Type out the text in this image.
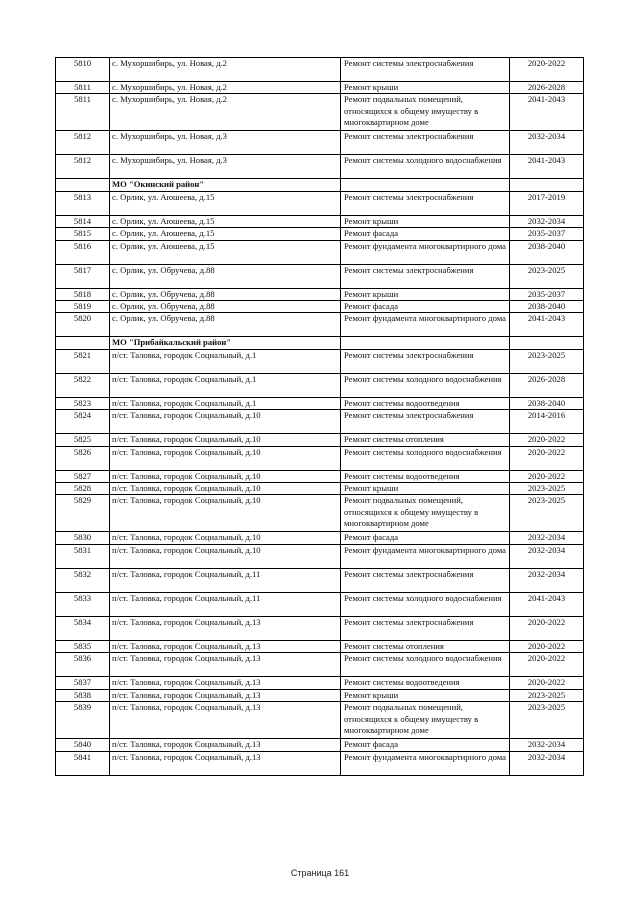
5810	с. Мухоршибирь, ул. Новая, д.2	Ремонт системы электроснабжения	2020-2022
5811	с. Мухоршибирь, ул. Новая, д.2	Ремонт крыши	2026-2028
5811	с. Мухоршибирь, ул. Новая, д.2	Ремонт подвальных помещений, относящихся к общему имуществу в многоквартирном доме	2041-2043
5812	с. Мухоршибирь, ул. Новая, д.3	Ремонт системы электроснабжения	2032-2034
5812	с. Мухоршибирь, ул. Новая, д.3	Ремонт системы холодного водоснабжения	2041-2043
	МО "Окинский район"		
5813	с. Орлик, ул. Аюшеева, д.15	Ремонт системы электроснабжения	2017-2019
5814	с. Орлик, ул. Аюшеева, д.15	Ремонт крыши	2032-2034
5815	с. Орлик, ул. Аюшеева, д.15	Ремонт фасада	2035-2037
5816	с. Орлик, ул. Аюшеева, д.15	Ремонт фундамента многоквартирного дома	2038-2040
5817	с. Орлик, ул. Обручева, д.88	Ремонт системы электроснабжения	2023-2025
5818	с. Орлик, ул. Обручева, д.88	Ремонт крыши	2035-2037
5819	с. Орлик, ул. Обручева, д.88	Ремонт фасада	2038-2040
5820	с. Орлик, ул. Обручева, д.88	Ремонт фундамента многоквартирного дома	2041-2043
	МО "Прибайкальский район"		
5821	п/ст. Таловка, городок Социальный, д.1	Ремонт системы электроснабжения	2023-2025
5822	п/ст. Таловка, городок Социальный, д.1	Ремонт системы холодного водоснабжения	2026-2028
5823	п/ст. Таловка, городок Социальный, д.1	Ремонт системы водоотведения	2038-2040
5824	п/ст. Таловка, городок Социальный, д.10	Ремонт системы электроснабжения	2014-2016
5825	п/ст. Таловка, городок Социальный, д.10	Ремонт системы отопления	2020-2022
5826	п/ст. Таловка, городок Социальный, д.10	Ремонт системы холодного водоснабжения	2020-2022
5827	п/ст. Таловка, городок Социальный, д.10	Ремонт системы водоотведения	2020-2022
5828	п/ст. Таловка, городок Социальный, д.10	Ремонт крыши	2023-2025
5829	п/ст. Таловка, городок Социальный, д.10	Ремонт подвальных помещений, относящихся к общему имуществу в многоквартирном доме	2023-2025
5830	п/ст. Таловка, городок Социальный, д.10	Ремонт фасада	2032-2034
5831	п/ст. Таловка, городок Социальный, д.10	Ремонт фундамента многоквартирного дома	2032-2034
5832	п/ст. Таловка, городок Социальный, д.11	Ремонт системы электроснабжения	2032-2034
5833	п/ст. Таловка, городок Социальный, д.11	Ремонт системы холодного водоснабжения	2041-2043
5834	п/ст. Таловка, городок Социальный, д.13	Ремонт системы электроснабжения	2020-2022
5835	п/ст. Таловка, городок Социальный, д.13	Ремонт системы отопления	2020-2022
5836	п/ст. Таловка, городок Социальный, д.13	Ремонт системы холодного водоснабжения	2020-2022
5837	п/ст. Таловка, городок Социальный, д.13	Ремонт системы водоотведения	2020-2022
5838	п/ст. Таловка, городок Социальный, д.13	Ремонт крыши	2023-2025
5839	п/ст. Таловка, городок Социальный, д.13	Ремонт подвальных помещений, относящихся к общему имуществу в многоквартирном доме	2023-2025
5840	п/ст. Таловка, городок Социальный, д.13	Ремонт фасада	2032-2034
5841	п/ст. Таловка, городок Социальный, д.13	Ремонт фундамента многоквартирного дома	2032-2034
Страница 161
